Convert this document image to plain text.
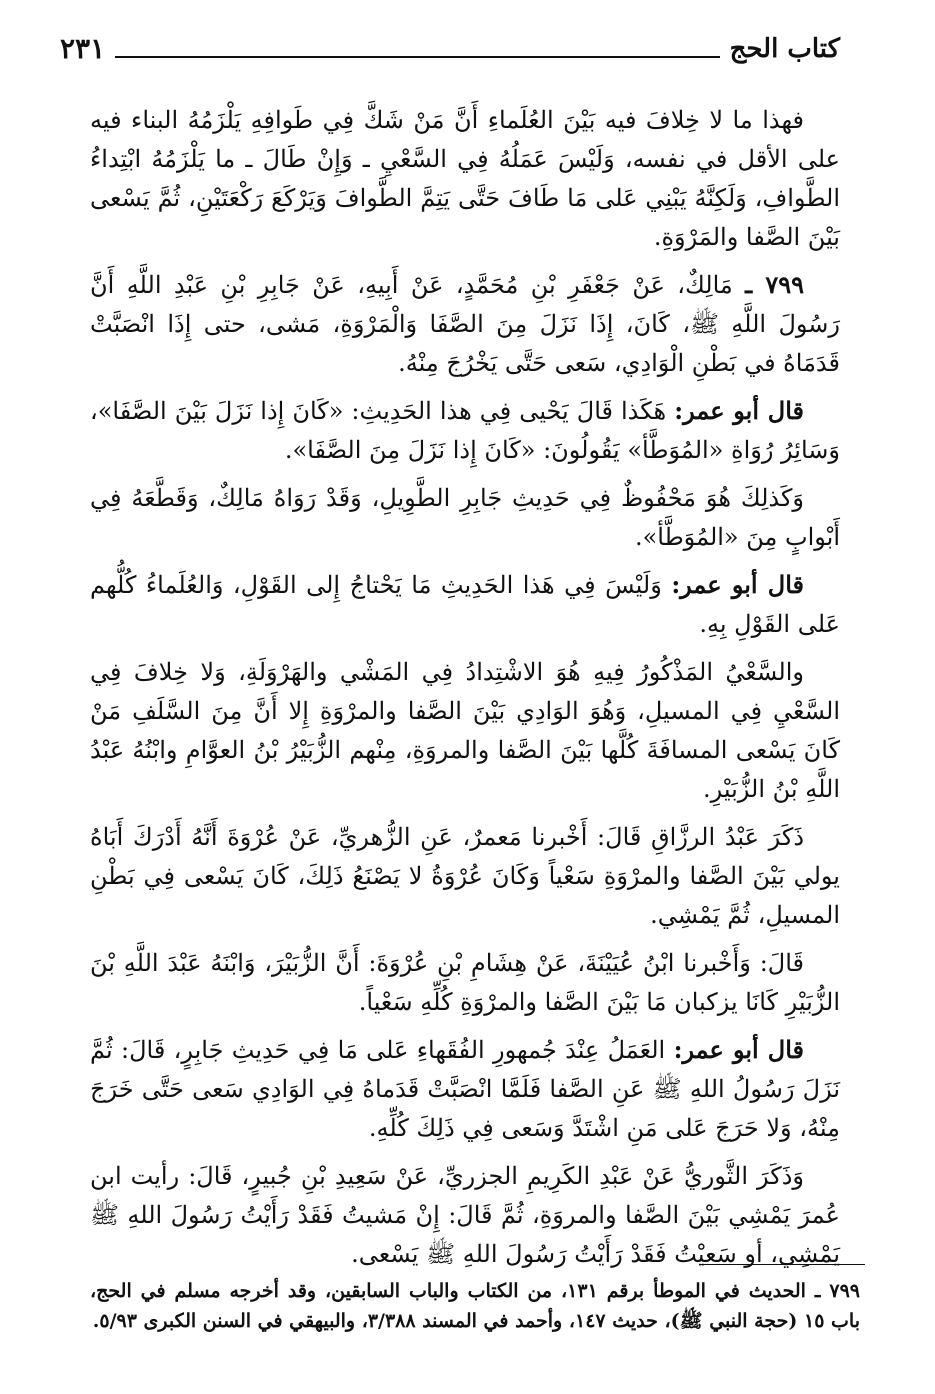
كتاب الحج
٢٣١

فهذا ما لا خِلافَ فيه بَيْنَ العُلَماءِ أَنَّ مَنْ شَكَّ فِي طَوافِهِ يَلْزَمُهُ البناء فيه على الأقل في نفسه، وَلَيْسَ عَمَلُهُ فِي السَّعْيِ ـ وَإِنْ طَالَ ـ ما يَلْزَمُهُ ابْتِداءُ الطَّوافِ، وَلَكِنَّهُ يَبْنِي عَلى مَا طَافَ حَتَّى يَتِمَّ الطَّوافَ وَيَرْكَعَ رَكْعَتَيْنِ، ثُمَّ يَسْعى بَيْنَ الصَّفا والمَرْوَةِ.

٧٩٩ ـ مَالِكٌ، عَنْ جَعْفَرِ بْنِ مُحَمَّدٍ، عَنْ أَبِيهِ، عَنْ جَابِرِ بْنِ عَبْدِ اللَّهِ أَنَّ رَسُولَ اللَّهِ ﷺ، كَانَ، إِذَا نَزَلَ مِنَ الصَّفَا وَالْمَرْوَةِ، مَشى، حتى إِذَا انْصَبَّتْ قَدَمَاهُ في بَطْنِ الْوَادِي، سَعى حَتَّى يَخْرُجَ مِنْهُ.

قال أبو عمر: هَكَذا قَالَ يَحْيى فِي هذا الحَدِيثِ: «كَانَ إِذا نَزَلَ بَيْنَ الصَّفَا»، وَسَائِرُ رُوَاةِ «المُوَطَّأ» يَقُولُونَ: «كَانَ إِذا نَزَلَ مِنَ الصَّفَا».

وَكَذلِكَ هُوَ مَحْفُوظٌ فِي حَدِيثِ جَابِرِ الطَّوِيلِ، وَقَدْ رَوَاهُ مَالِكٌ، وَقَطَّعَهُ فِي أَبْوابٍ مِنَ «المُوَطَّأ».

قال أبو عمر: وَلَيْسَ فِي هَذا الحَدِيثِ مَا يَحْتاجُ إِلى القَوْلِ، وَالعُلَماءُ كُلُّهم عَلى القَوْلِ بِهِ.

والسَّعْيُ المَذْكُورُ فِيهِ هُوَ الاشْتِدادُ فِي المَشْي والهَرْوَلَةِ، وَلا خِلافَ فِي السَّعْيِ فِي المسيلِ، وَهُوَ الوَادِي بَيْنَ الصَّفا والمرْوَةِ إِلا أَنَّ مِنَ السَّلَفِ مَنْ كَانَ يَسْعى المسافَةَ كُلَّها بَيْنَ الصَّفا والمروَةِ، مِنْهم الزُّبَيْرُ بْنُ العوَّامِ وابْنُهُ عَبْدُ اللَّهِ بْنُ الزُّبَيْرِ.

ذَكَرَ عَبْدُ الرزَّاقِ قَالَ: أَخْبرنا مَعمرٌ، عَنِ الزُّهريِّ، عَنْ عُرْوَةَ أَنَّهُ أَدْرَكَ أَبَاهُ يولي بَيْنَ الصَّفا والمرْوَةِ سَعْياً وَكَانَ عُرْوَةُ لا يَصْنَعُ ذَلِكَ، كَانَ يَسْعى فِي بَطْنِ المسيلِ، ثُمَّ يَمْشِي.

قَالَ: وَأَخْبرنا ابْنُ عُيَيْنَةَ، عَنْ هِشَامِ بْنِ عُرْوَةَ: أَنَّ الزُّبَيْرَ، وَابْنَهُ عَبْدَ اللَّهِ بْنَ الزُّبَيْرِ كَانَا يزكبان مَا بَيْنَ الصَّفا والمرْوَةِ كُلِّهِ سَعْياً.

قال أبو عمر: العَمَلُ عِنْدَ جُمهورِ الفُقَهاءِ عَلى مَا فِي حَدِيثِ جَابِرٍ، قَالَ: ثُمَّ نَزَلَ رَسُولُ اللهِ ﷺ عَنِ الصَّفا فَلَمَّا انْصَبَّتْ قَدَماهُ فِي الوَادِي سَعى حَتَّى خَرَجَ مِنْهُ، وَلا حَرَجَ عَلى مَنِ اشْتَدَّ وَسَعى فِي ذَلِكَ كُلِّهِ.

وَذَكَرَ الثَّوريُّ عَنْ عَبْدِ الكَرِيمِ الجزريِّ، عَنْ سَعِيدِ بْنِ جُبيرٍ، قَالَ: رأيت ابن عُمرَ يَمْشِي بَيْنَ الصَّفا والمروَةِ، ثُمَّ قَالَ: إِنْ مَشيتُ فَقَدْ رَأَيْتُ رَسُولَ اللهِ ﷺ يَمْشِي، أو سَعيْتُ فَقَدْ رَأَيْتُ رَسُولَ اللهِ ﷺ يَسْعى.

٧٩٩ ـ الحديث في الموطأ برقم ١٣١، من الكتاب والباب السابقين، وقد أخرجه مسلم في الحج، باب ١٥ (حجة النبي ﷺ)، حديث ١٤٧، وأحمد في المسند ٣/٣٨٨، والبيهقي في السنن الكبرى ٥/٩٣.
